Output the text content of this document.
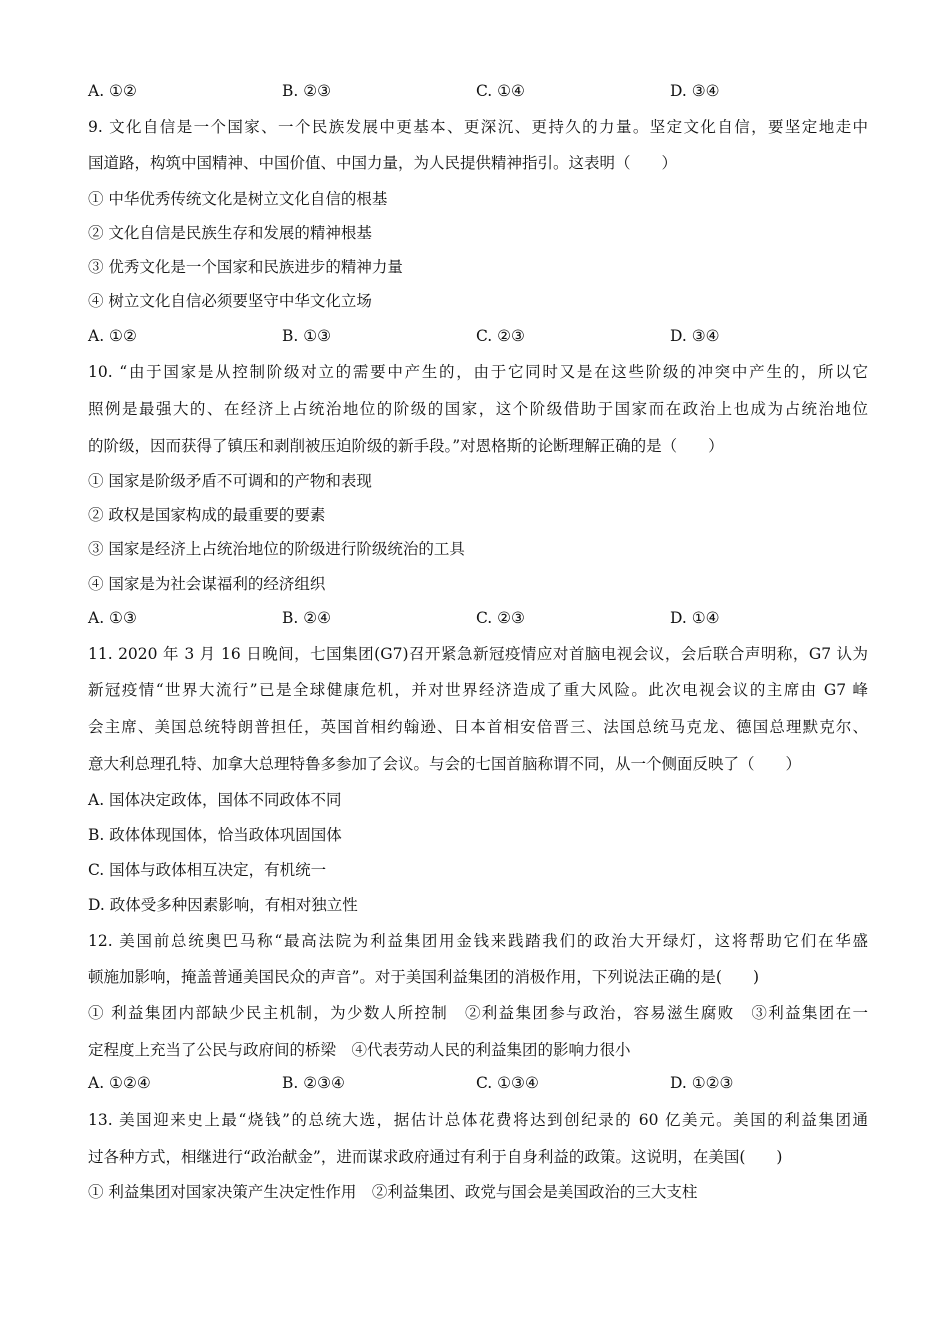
A. ①②	B. ②③	C. ①④	D. ③④
9. 文化自信是一个国家、一个民族发展中更基本、更深沉、更持久的力量。坚定文化自信，要坚定地走中
国道路，构筑中国精神、中国价值、中国力量，为人民提供精神指引。这表明（　　）
① 中华优秀传统文化是树立文化自信的根基
② 文化自信是民族生存和发展的精神根基
③ 优秀文化是一个国家和民族进步的精神力量
④ 树立文化自信必须要坚守中华文化立场
A. ①②	B. ①③	C. ②③	D. ③④
10. “由于国家是从控制阶级对立的需要中产生的，由于它同时又是在这些阶级的冲突中产生的，所以它
照例是最强大的、在经济上占统治地位的阶级的国家，这个阶级借助于国家而在政治上也成为占统治地位
的阶级，因而获得了镇压和剥削被压迫阶级的新手段。”对恩格斯的论断理解正确的是（　　）
① 国家是阶级矛盾不可调和的产物和表现
② 政权是国家构成的最重要的要素
③ 国家是经济上占统治地位的阶级进行阶级统治的工具
④ 国家是为社会谋福利的经济组织
A. ①③	B. ②④	C. ②③	D. ①④
11. 2020 年 3 月 16 日晚间，七国集团(G7)召开紧急新冠疫情应对首脑电视会议，会后联合声明称，G7 认为
新冠疫情“世界大流行”已是全球健康危机，并对世界经济造成了重大风险。此次电视会议的主席由 G7 峰
会主席、美国总统特朗普担任，英国首相约翰逊、日本首相安倍晋三、法国总统马克龙、德国总理默克尔、
意大利总理孔特、加拿大总理特鲁多参加了会议。与会的七国首脑称谓不同，从一个侧面反映了（　　）
A. 国体决定政体，国体不同政体不同
B. 政体体现国体，恰当政体巩固国体
C. 国体与政体相互决定，有机统一
D. 政体受多种因素影响，有相对独立性
12. 美国前总统奥巴马称“最高法院为利益集团用金钱来践踏我们的政治大开绿灯，这将帮助它们在华盛
顿施加影响，掩盖普通美国民众的声音”。对于美国利益集团的消极作用，下列说法正确的是(　　)
① 利益集团内部缺少民主机制，为少数人所控制　②利益集团参与政治，容易滋生腐败　③利益集团在一
定程度上充当了公民与政府间的桥梁　④代表劳动人民的利益集团的影响力很小
A. ①②④	B. ②③④	C. ①③④	D. ①②③
13. 美国迎来史上最“烧钱”的总统大选，据估计总体花费将达到创纪录的 60 亿美元。美国的利益集团通
过各种方式，相继进行“政治献金”，进而谋求政府通过有利于自身利益的政策。这说明，在美国(　　)
① 利益集团对国家决策产生决定性作用　②利益集团、政党与国会是美国政治的三大支柱
